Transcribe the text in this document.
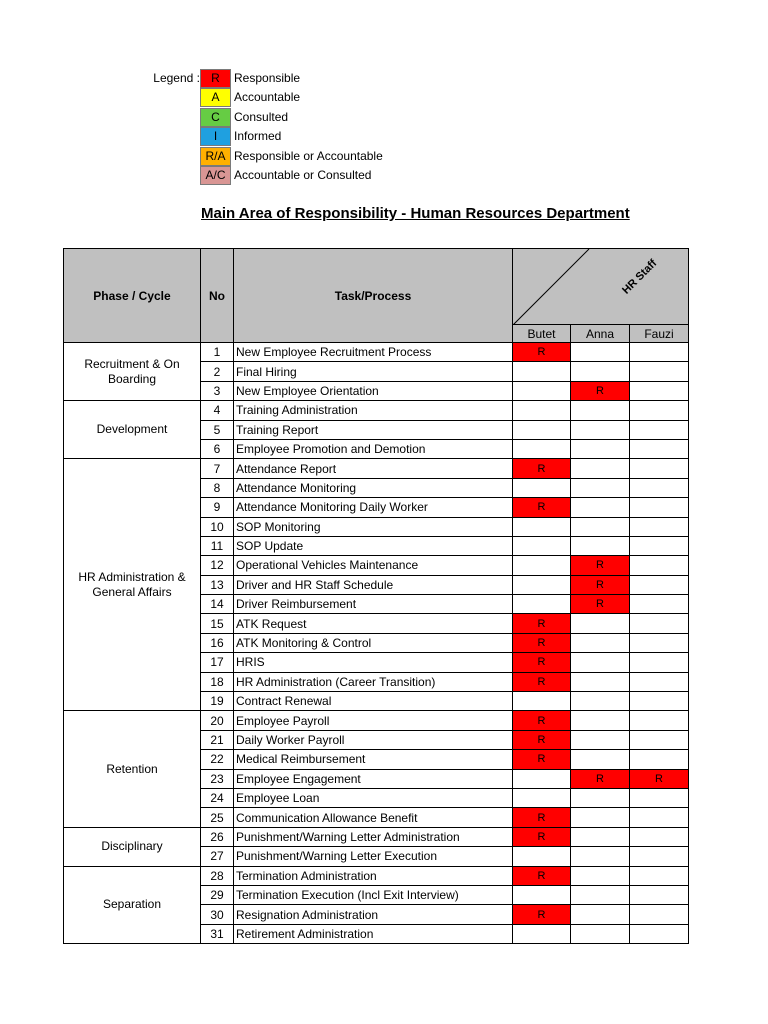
Legend : R	Responsible
A	Accountable
C	Consulted
I	Informed
R/A Responsible or Accountable
A/C Accountable or Consulted
Main Area of Responsibility - Human Resources Department
Phase / Cycle	No	Task/Process	HR Staff		

			Butet	Anna	Fauzi
Recruitment & On Boarding	1	New Employee Recruitment Process	R		
	2	Final Hiring			
	3	New Employee Orientation		R	
Development	4	Training Administration			
	5	Training Report			
	6	Employee Promotion and Demotion			
HR Administration & General Affairs	7	Attendance Report	R		
	8	Attendance Monitoring			
	9	Attendance Monitoring Daily Worker	R		
	10	SOP Monitoring			
	11	SOP Update			
	12	Operational Vehicles Maintenance		R	
	13	Driver and HR Staff Schedule		R	
	14	Driver Reimbursement		R	
	15	ATK Request	R		
	16	ATK Monitoring & Control	R		
	17	HRIS	R		
	18	HR Administration (Career Transition)	R		
	19	Contract Renewal			
Retention	20	Employee Payroll	R		
	21	Daily Worker Payroll	R		
	22	Medical Reimbursement	R		
	23	Employee Engagement		R	R
	24	Employee Loan			
	25	Communication Allowance Benefit	R		
Disciplinary	26	Punishment/Warning Letter Administration	R		
	27	Punishment/Warning Letter Execution			
Separation	28	Termination Administration	R		
	29	Termination Execution (Incl Exit Interview)			
	30	Resignation Administration	R		
	31	Retirement Administration			
